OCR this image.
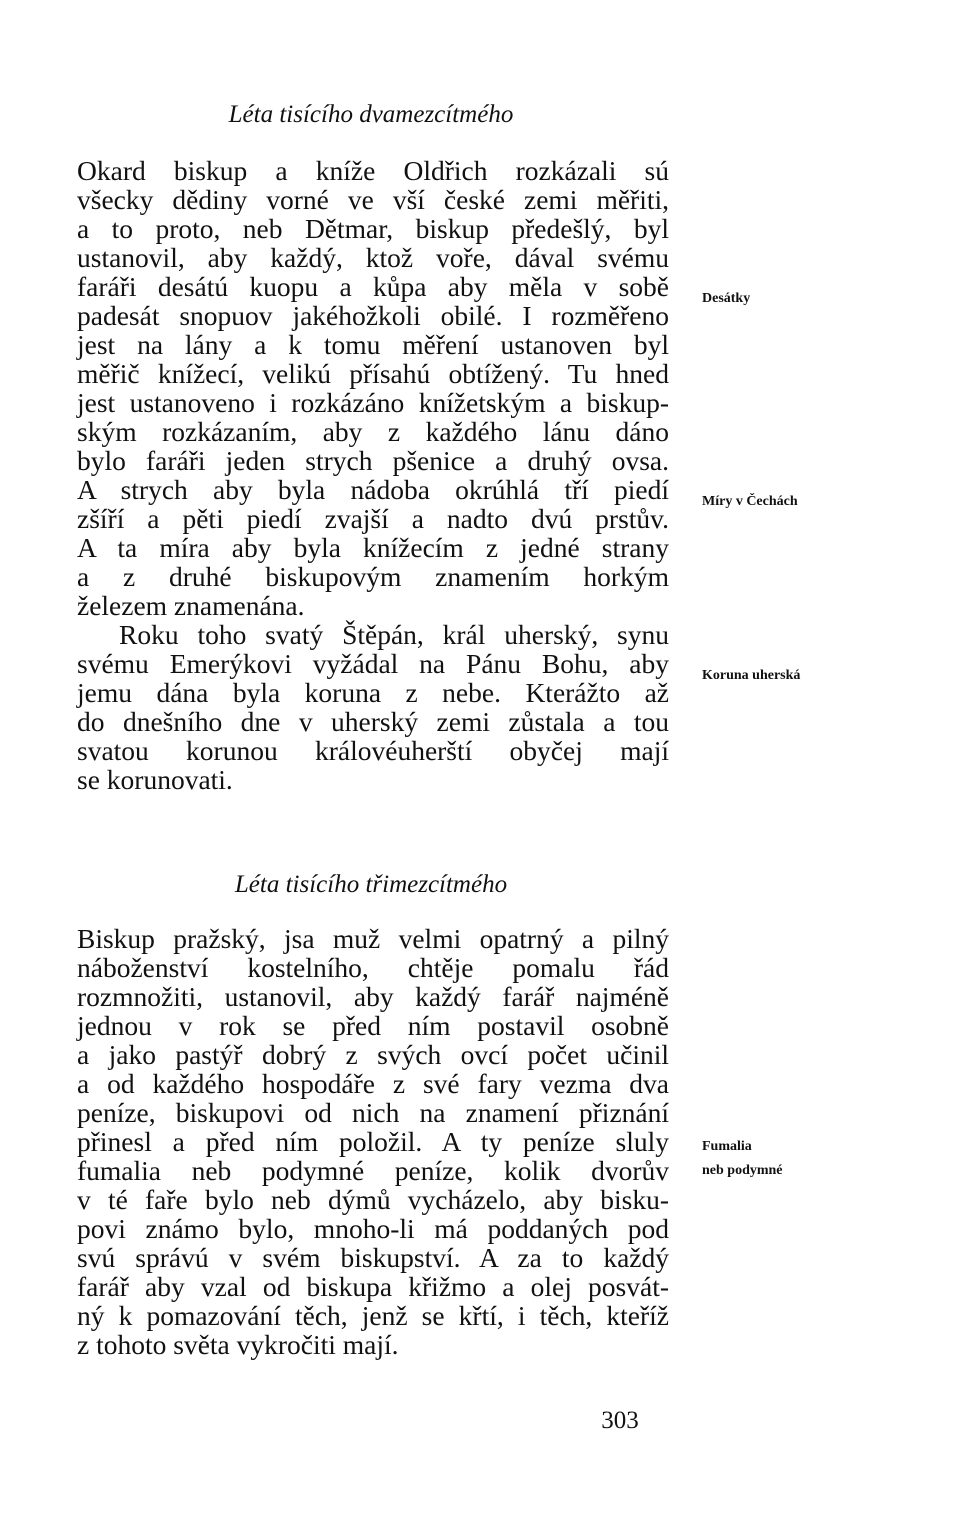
Léta tisícího dvamezcítmého
Okard biskup a kníže Oldřich rozkázali sú
všecky dědiny vorné ve vší české zemi měřiti,
a to proto, neb Dětmar, biskup předešlý, byl
ustanovil, aby každý, ktož voře, dával svému
faráři desátú kuopu a kůpa aby měla v sobě
padesát snopuov jakéhožkoli obilé. I rozměřeno
jest na lány a k tomu měření ustanoven byl
měřič knížecí, velikú přísahú obtížený. Tu hned
jest ustanoveno i rozkázáno knížetským a biskup-
ským rozkázaním, aby z každého lánu dáno
bylo faráři jeden strych pšenice a druhý ovsa.
A strych aby byla nádoba okrúhlá tří piedí
zšíří a pěti piedí zvajší a nadto dvú prstův.
A ta míra aby byla knížecím z jedné strany
a z druhé biskupovým znamením horkým
železem znamenána.
Roku toho svatý Štěpán, král uherský, synu
svému Emerýkovi vyžádal na Pánu Bohu, aby
jemu dána byla koruna z nebe. Kterážto až
do dnešního dne v uherský zemi zůstala a tou
svatou korunou královéuherští obyčej mají
se korunovati.
Léta tisícího třimezcítmého
Biskup pražský, jsa muž velmi opatrný a pilný
náboženství kostelního, chtěje pomalu řád
rozmnožiti, ustanovil, aby každý farář najméně
jednou v rok se před ním postavil osobně
a jako pastýř dobrý z svých ovcí počet učinil
a od každého hospodáře z své fary vezma dva
peníze, biskupovi od nich na znamení přiznání
přinesl a před ním položil. A ty peníze sluly
fumalia neb podymné peníze, kolik dvorův
v té faře bylo neb dýmů vycházelo, aby bisku-
povi známo bylo, mnoho-li má poddaných pod
svú správú v svém biskupství. A za to každý
farář aby vzal od biskupa křižmo a olej posvát-
ný k pomazování těch, jenž se křtí, i těch, kteříž
z tohoto světa vykročiti mají.
Desátky
Míry v Čechách
Koruna uherská
Fumalia
neb podymné
303
